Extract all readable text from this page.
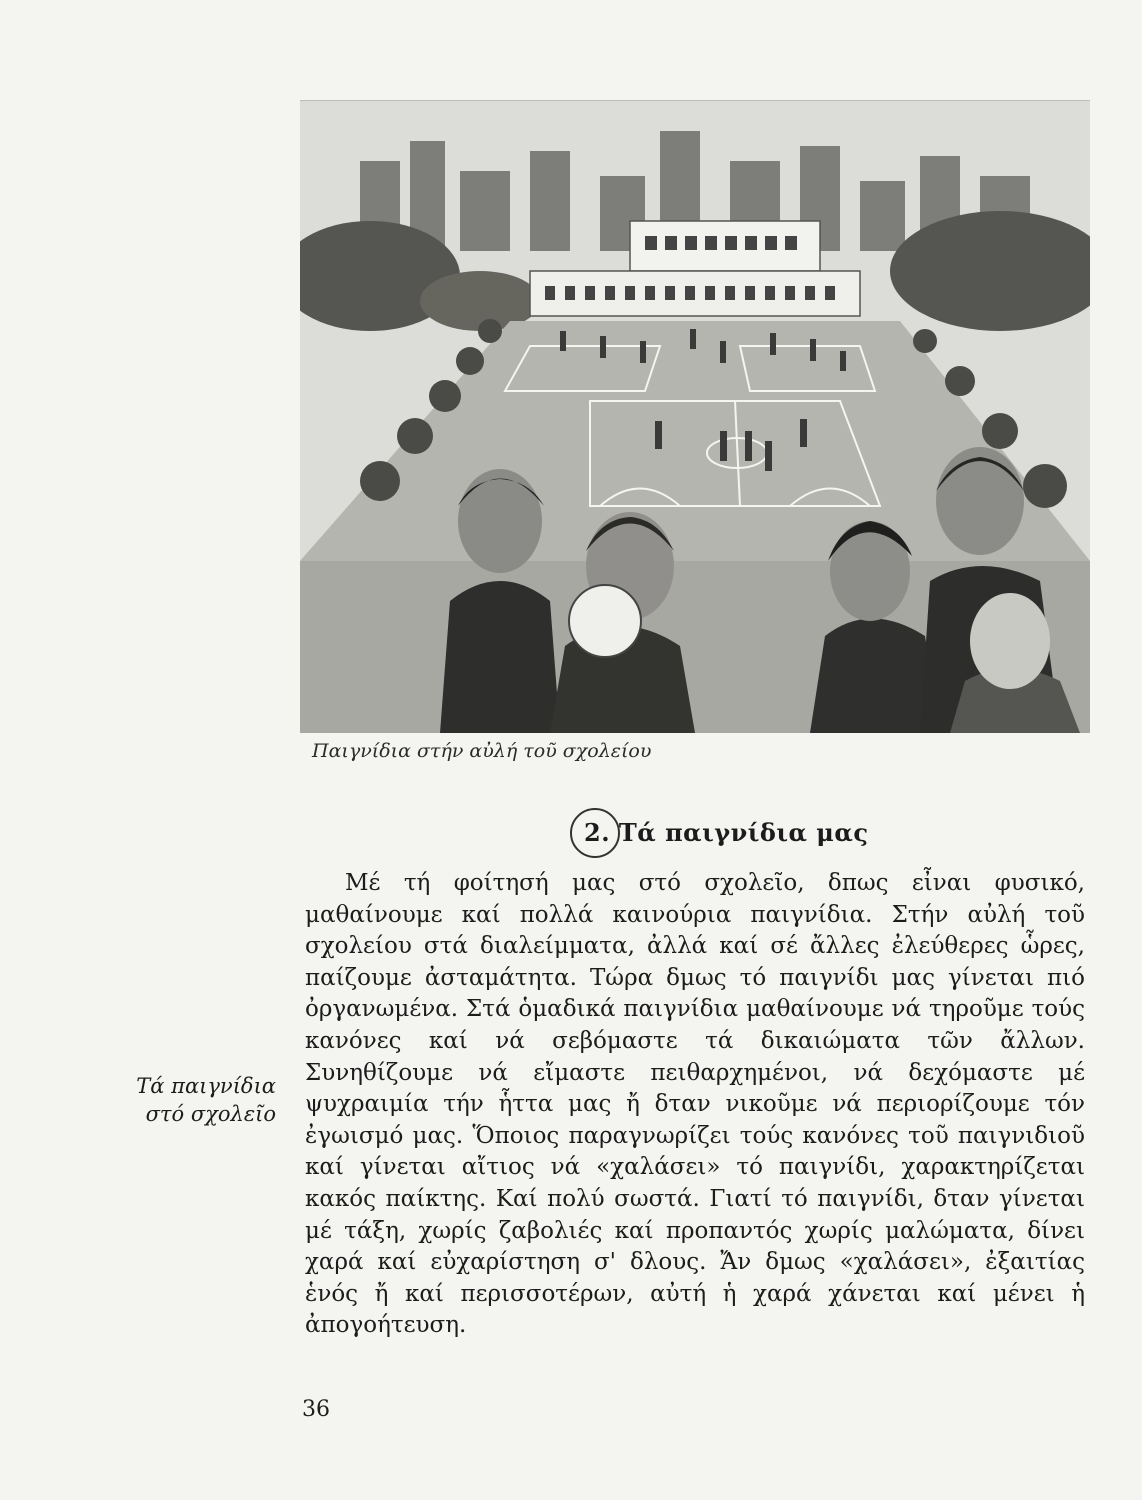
Παιγνίδια στήν αὐλή τοῦ σχολείου
2. Τά παιγνίδια μας
Τά παιγνίδια
στό σχολεῖο

Μέ τή φοίτησή μας στό σχολεῖο, δπως εἶναι φυσικό, μαθαίνουμε καί πολλά καινούρια παιγνίδια. Στήν αὐλή τοῦ σχολείου στά διαλείμματα, ἀλλά καί σέ ἄλλες ἐλεύθερες ὧρες, παίζουμε ἀσταμάτητα. Τώρα δμως τό παιγνίδι μας γίνεται πιό ὀργανωμένα. Στά ὁμαδικά παιγνίδια μαθαίνουμε νά τηροῦμε τούς κανόνες καί νά σεβόμαστε τά δικαιώματα τῶν ἄλλων. Συνηθίζουμε νά εἴμαστε πειθαρχημένοι, νά δεχόμαστε μέ ψυχραιμία τήν ἧττα μας ἤ δταν νικοῦμε νά περιορίζουμε τόν ἐγωισμό μας. Ὅποιος παραγνωρίζει τούς κανόνες τοῦ παιγνιδιοῦ καί γίνεται αἴτιος νά «χαλάσει» τό παιγνίδι, χαρακτηρίζεται κακός παίκτης. Καί πολύ σωστά. Γιατί τό παιγνίδι, δταν γίνεται μέ τάξη, χωρίς ζαβολιές καί προπαντός χωρίς μαλώματα, δίνει χαρά καί εὐχαρίστηση σ' δλους. Ἄν δμως «χαλάσει», ἐξαιτίας ἑνός ἤ καί περισσοτέρων, αὐτή ἡ χαρά χάνεται καί μένει ἡ ἀπογοήτευση.

36
